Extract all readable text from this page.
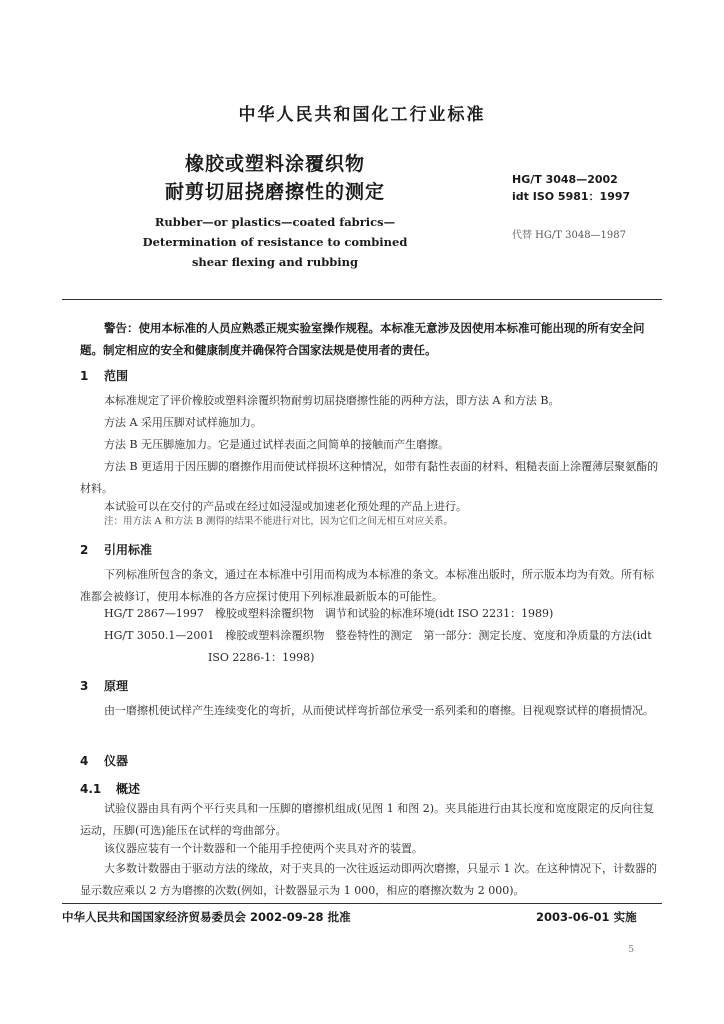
中华人民共和国化工行业标准
橡胶或塑料涂覆织物
耐剪切屈挠磨擦性的测定
Rubber—or plastics—coated fabrics—
Determination of resistance to combined
shear flexing and rubbing
HG/T 3048—2002
idt ISO 5981：1997
代替 HG/T 3048—1987
警告：使用本标准的人员应熟悉正规实验室操作规程。本标准无意涉及因使用本标准可能出现的所有安全问题。制定相应的安全和健康制度并确保符合国家法规是使用者的责任。
1 范围
本标准规定了评价橡胶或塑料涂覆织物耐剪切屈挠磨擦性能的两种方法，即方法 A 和方法 B。
方法 A 采用压脚对试样施加力。
方法 B 无压脚施加力。它是通过试样表面之间简单的接触而产生磨擦。
方法 B 更适用于因压脚的磨擦作用而使试样损坏这种情况，如带有黏性表面的材料、粗糙表面上涂覆薄层聚氨酯的材料。
本试验可以在交付的产品或在经过如浸湿或加速老化预处理的产品上进行。
注：用方法 A 和方法 B 测得的结果不能进行对比，因为它们之间无相互对应关系。
2 引用标准
下列标准所包含的条文，通过在本标准中引用而构成为本标准的条文。本标准出版时，所示版本均为有效。所有标准都会被修订，使用本标准的各方应探讨使用下列标准最新版本的可能性。
HG/T 2867—1997　橡胶或塑料涂覆织物　调节和试验的标准环境(idt ISO 2231：1989)
HG/T 3050.1—2001　橡胶或塑料涂覆织物　整卷特性的测定　第一部分：测定长度、宽度和净质量的方法(idt ISO 2286-1：1998)
3 原理
由一磨擦机使试样产生连续变化的弯折，从而使试样弯折部位承受一系列柔和的磨擦。目视观察试样的磨损情况。
4 仪器
4.1 概述
试验仪器由具有两个平行夹具和一压脚的磨擦机组成(见图 1 和图 2)。夹具能进行由其长度和宽度限定的反向往复运动，压脚(可选)能压在试样的弯曲部分。
该仪器应装有一个计数器和一个能用手控使两个夹具对齐的装置。
大多数计数器由于驱动方法的缘故，对于夹具的一次往返运动即两次磨擦，只显示 1 次。在这种情况下，计数器的显示数应乘以 2 方为磨擦的次数(例如，计数器显示为 1 000，相应的磨擦次数为 2 000)。
中华人民共和国国家经济贸易委员会 2002-09-28 批准	2003-06-01 实施
5
